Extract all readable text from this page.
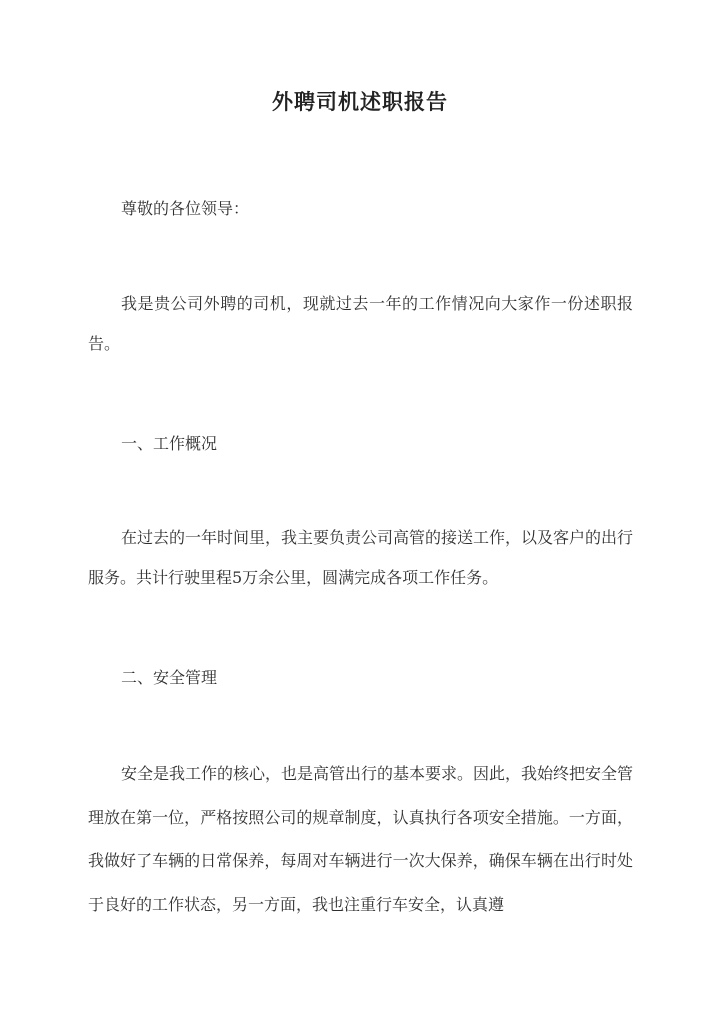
外聘司机述职报告

尊敬的各位领导：

我是贵公司外聘的司机，现就过去一年的工作情况向大家作一份述职报告。

一、工作概况

在过去的一年时间里，我主要负责公司高管的接送工作，以及客户的出行服务。共计行驶里程5万余公里，圆满完成各项工作任务。

二、安全管理

安全是我工作的核心，也是高管出行的基本要求。因此，我始终把安全管理放在第一位，严格按照公司的规章制度，认真执行各项安全措施。一方面，我做好了车辆的日常保养，每周对车辆进行一次大保养，确保车辆在出行时处于良好的工作状态，另一方面，我也注重行车安全，认真遵
